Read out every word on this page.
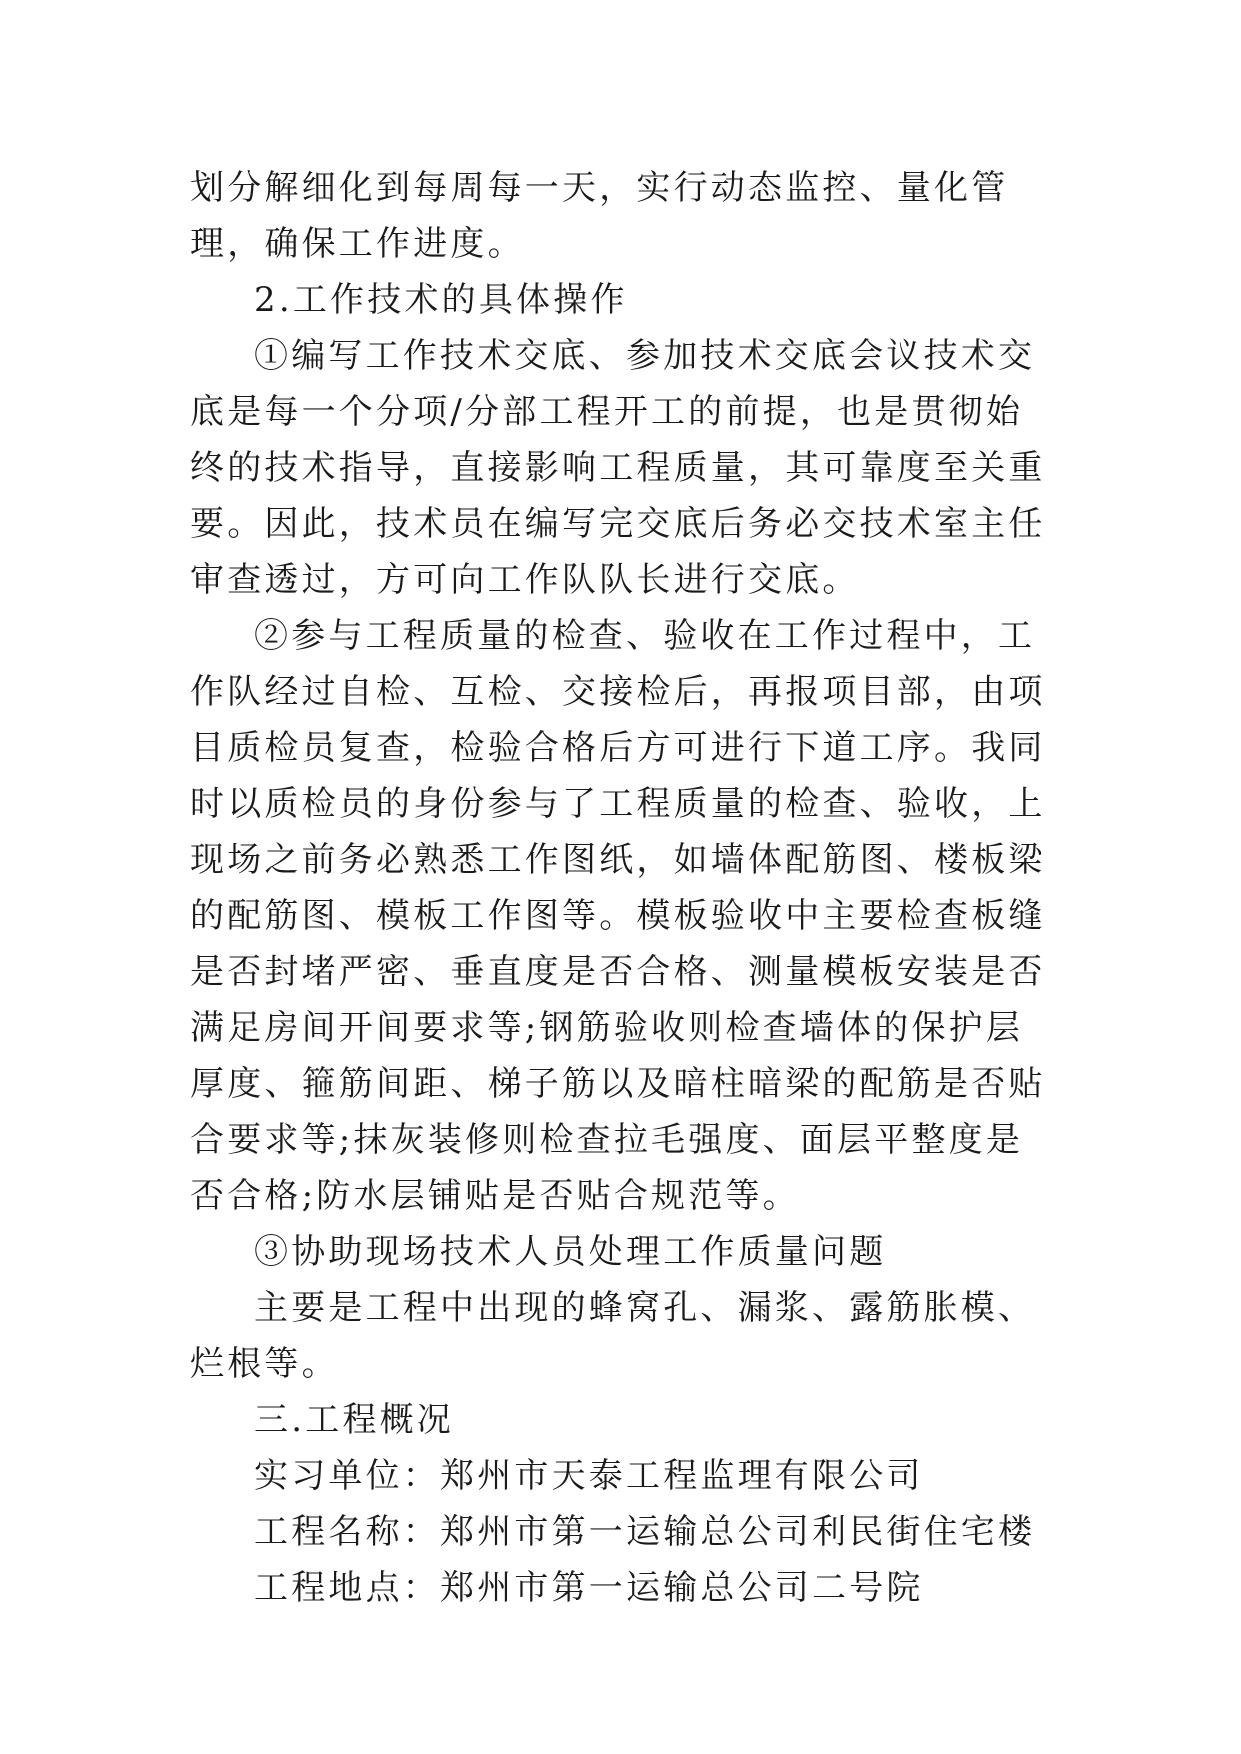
划分解细化到每周每一天，实行动态监控、量化管理，确保工作进度。

2.工作技术的具体操作

①编写工作技术交底、参加技术交底会议技术交底是每一个分项/分部工程开工的前提，也是贯彻始终的技术指导，直接影响工程质量，其可靠度至关重要。因此，技术员在编写完交底后务必交技术室主任审查透过，方可向工作队队长进行交底。

②参与工程质量的检查、验收在工作过程中，工作队经过自检、互检、交接检后，再报项目部，由项目质检员复查，检验合格后方可进行下道工序。我同时以质检员的身份参与了工程质量的检查、验收，上现场之前务必熟悉工作图纸，如墙体配筋图、楼板梁的配筋图、模板工作图等。模板验收中主要检查板缝是否封堵严密、垂直度是否合格、测量模板安装是否满足房间开间要求等;钢筋验收则检查墙体的保护层厚度、箍筋间距、梯子筋以及暗柱暗梁的配筋是否贴合要求等;抹灰装修则检查拉毛强度、面层平整度是否合格;防水层铺贴是否贴合规范等。

③协助现场技术人员处理工作质量问题

主要是工程中出现的蜂窝孔、漏浆、露筋胀模、烂根等。

三.工程概况

实习单位：郑州市天泰工程监理有限公司

工程名称：郑州市第一运输总公司利民街住宅楼

工程地点：郑州市第一运输总公司二号院
